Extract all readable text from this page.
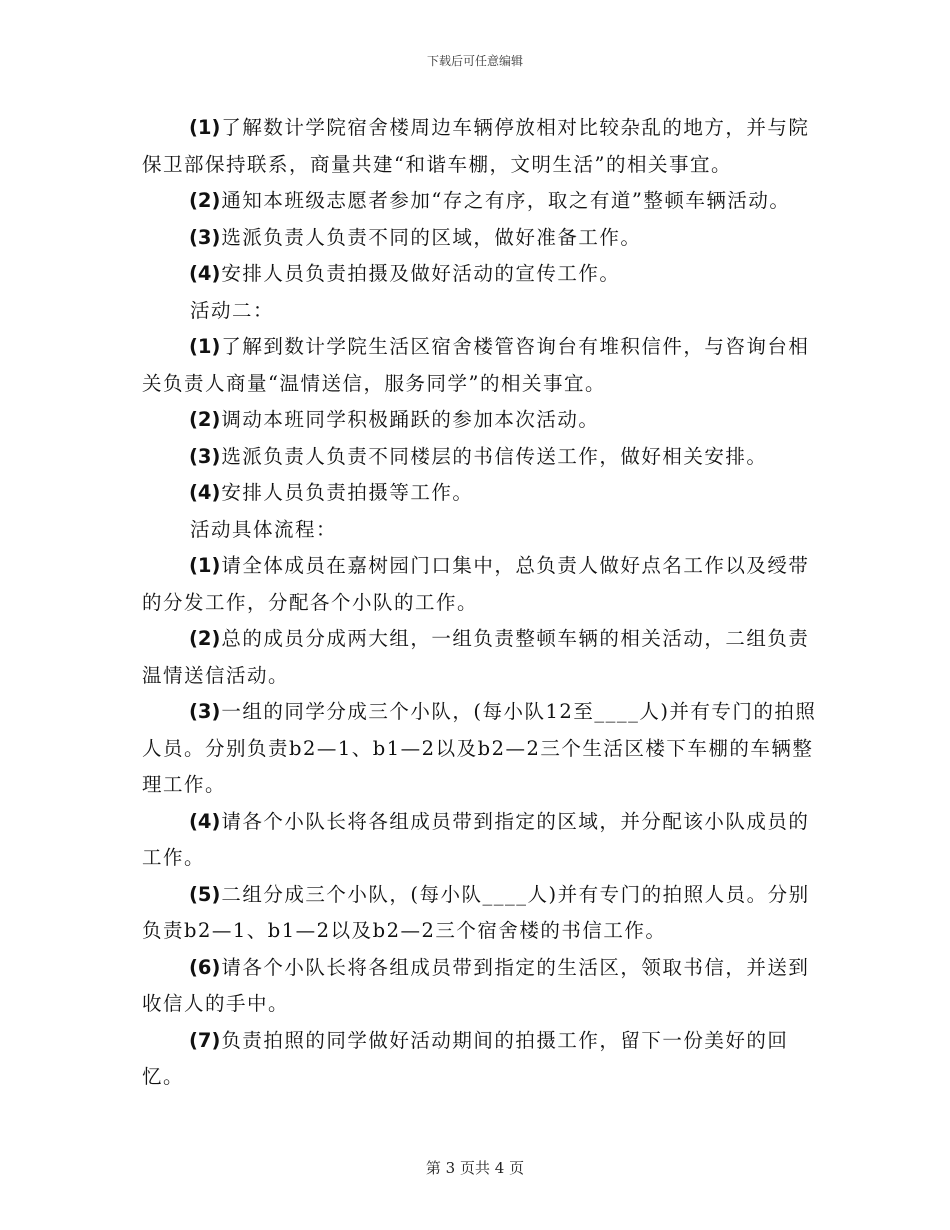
下载后可任意编辑

(1)了解数计学院宿舍楼周边车辆停放相对比较杂乱的地方，并与院保卫部保持联系，商量共建“和谐车棚，文明生活”的相关事宜。

(2)通知本班级志愿者参加“存之有序，取之有道”整顿车辆活动。

(3)选派负责人负责不同的区域，做好准备工作。

(4)安排人员负责拍摄及做好活动的宣传工作。

活动二：

(1)了解到数计学院生活区宿舍楼管咨询台有堆积信件，与咨询台相关负责人商量“温情送信，服务同学”的相关事宜。

(2)调动本班同学积极踊跃的参加本次活动。

(3)选派负责人负责不同楼层的书信传送工作，做好相关安排。

(4)安排人员负责拍摄等工作。

活动具体流程：

(1)请全体成员在嘉树园门口集中，总负责人做好点名工作以及绶带的分发工作，分配各个小队的工作。

(2)总的成员分成两大组，一组负责整顿车辆的相关活动，二组负责温情送信活动。

(3)一组的同学分成三个小队，(每小队12至____人)并有专门的拍照人员。分别负责b2—1、b1—2以及b2—2三个生活区楼下车棚的车辆整理工作。

(4)请各个小队长将各组成员带到指定的区域，并分配该小队成员的工作。

(5)二组分成三个小队，(每小队____人)并有专门的拍照人员。分别负责b2—1、b1—2以及b2—2三个宿舍楼的书信工作。

(6)请各个小队长将各组成员带到指定的生活区，领取书信，并送到收信人的手中。

(7)负责拍照的同学做好活动期间的拍摄工作，留下一份美好的回忆。

第 3 页共 4 页
